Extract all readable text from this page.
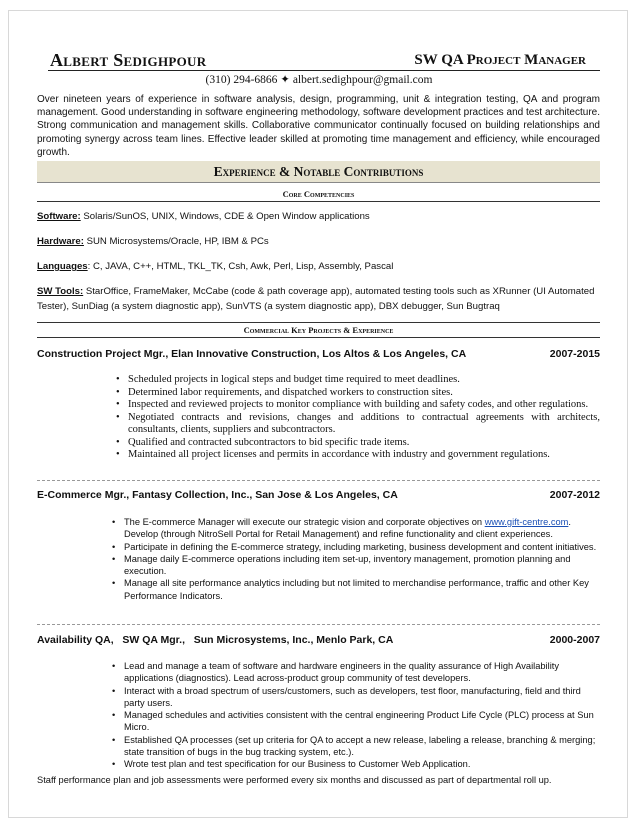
Albert Sedighpour	SW QA Project Manager
(310) 294-6866 ✦ albert.sedighpour@gmail.com
Over nineteen years of experience in software analysis, design, programming, unit & integration testing, QA and program management. Good understanding in software engineering methodology, software development practices and test architecture. Strong communication and management skills. Collaborative communicator continually focused on building relationships and promoting synergy across team lines. Effective leader skilled at promoting time management and efficiency, while encouraged growth.
Experience & Notable Contributions
Core Competencies
Software: Solaris/SunOS, UNIX, Windows, CDE & Open Window applications
Hardware: SUN Microsystems/Oracle, HP, IBM & PCs
Languages: C, JAVA, C++, HTML, TKL_TK, Csh, Awk, Perl, Lisp, Assembly, Pascal
SW Tools: StarOffice, FrameMaker, McCabe (code & path coverage app), automated testing tools such as XRunner (UI Automated Tester), SunDiag (a system diagnostic app), SunVTS (a system diagnostic app), DBX debugger, Sun Bugtraq
Commercial Key Projects & Experience
Construction Project Mgr., Elan Innovative Construction, Los Altos & Los Angeles, CA	2007-2015
• Scheduled projects in logical steps and budget time required to meet deadlines.
• Determined labor requirements, and dispatched workers to construction sites.
• Inspected and reviewed projects to monitor compliance with building and safety codes, and other regulations.
• Negotiated contracts and revisions, changes and additions to contractual agreements with architects, consultants, clients, suppliers and subcontractors.
• Qualified and contracted subcontractors to bid specific trade items.
• Maintained all project licenses and permits in accordance with industry and government regulations.
E-Commerce Mgr., Fantasy Collection, Inc., San Jose & Los Angeles, CA	2007-2012
• The E-commerce Manager will execute our strategic vision and corporate objectives on www.gift-centre.com. Develop (through NitroSell Portal for Retail Management) and refine functionality and client experiences.
• Participate in defining the E-commerce strategy, including marketing, business development and content initiatives.
• Manage daily E-commerce operations including item set-up, inventory management, promotion planning and execution.
• Manage all site performance analytics including but not limited to merchandise performance, traffic and other Key Performance Indicators.
Availability QA,   SW QA Mgr.,   Sun Microsystems, Inc., Menlo Park, CA	2000-2007
• Lead and manage a team of software and hardware engineers in the quality assurance of High Availability applications (diagnostics). Lead across-product group community of test developers.
• Interact with a broad spectrum of users/customers, such as developers, test floor, manufacturing, field and third party users.
• Managed schedules and activities consistent with the central engineering Product Life Cycle (PLC) process at Sun Micro.
• Established QA processes (set up criteria for QA to accept a new release, labeling a release, branching & merging; state transition of bugs in the bug tracking system, etc.).
• Wrote test plan and test specification for our Business to Customer Web Application.
Staff performance plan and job assessments were performed every six months and discussed as part of departmental roll up.
